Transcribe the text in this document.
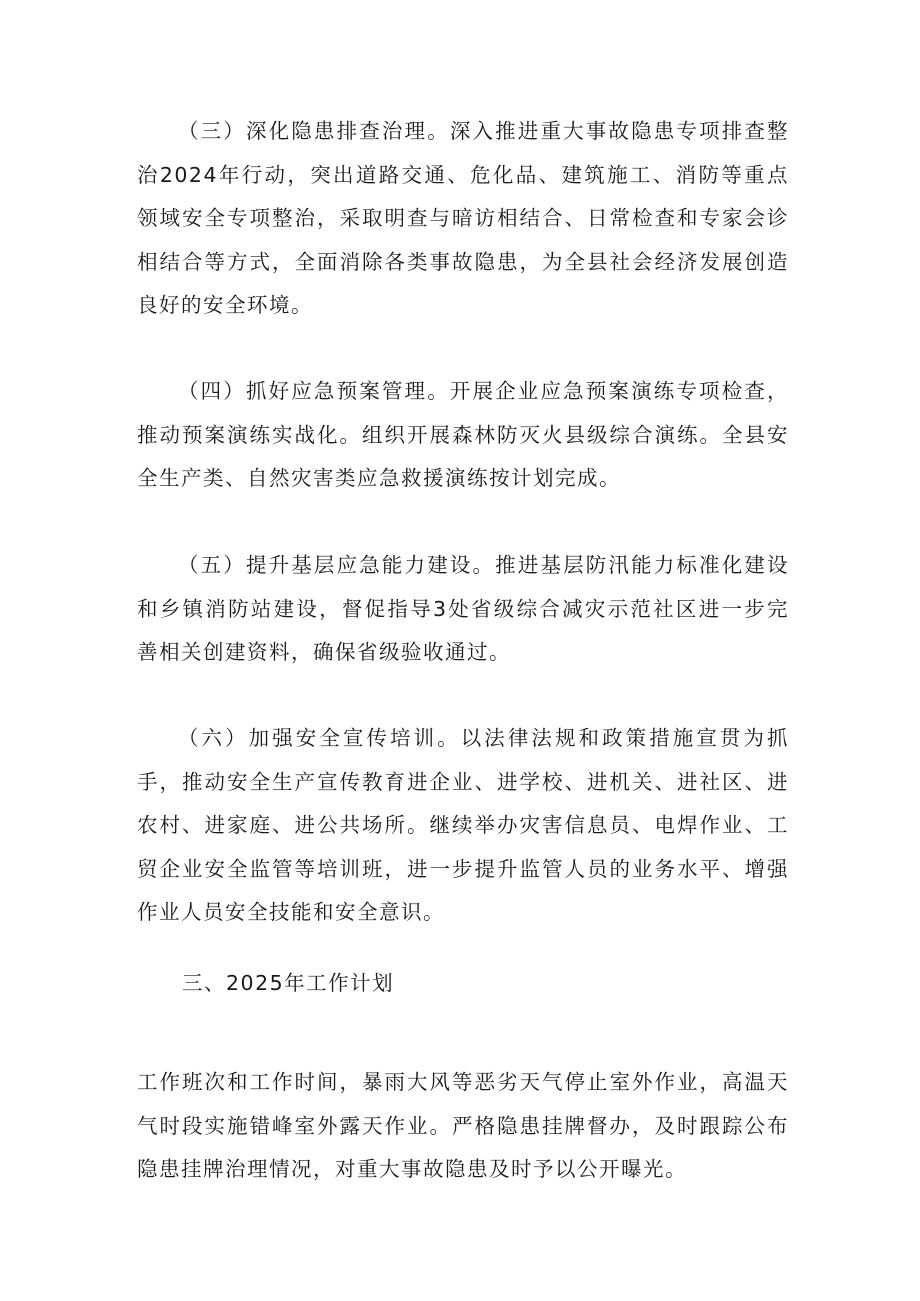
（三）深化隐患排查治理。深入推进重大事故隐患专项排查整治2024年行动，突出道路交通、危化品、建筑施工、消防等重点领域安全专项整治，采取明查与暗访相结合、日常检查和专家会诊相结合等方式，全面消除各类事故隐患，为全县社会经济发展创造良好的安全环境。

（四）抓好应急预案管理。开展企业应急预案演练专项检查，推动预案演练实战化。组织开展森林防灭火县级综合演练。全县安全生产类、自然灾害类应急救援演练按计划完成。

（五）提升基层应急能力建设。推进基层防汛能力标准化建设和乡镇消防站建设，督促指导3处省级综合减灾示范社区进一步完善相关创建资料，确保省级验收通过。

（六）加强安全宣传培训。以法律法规和政策措施宣贯为抓手，推动安全生产宣传教育进企业、进学校、进机关、进社区、进农村、进家庭、进公共场所。继续举办灾害信息员、电焊作业、工贸企业安全监管等培训班，进一步提升监管人员的业务水平、增强作业人员安全技能和安全意识。

三、2025年工作计划

工作班次和工作时间，暴雨大风等恶劣天气停止室外作业，高温天气时段实施错峰室外露天作业。严格隐患挂牌督办，及时跟踪公布隐患挂牌治理情况，对重大事故隐患及时予以公开曝光。
